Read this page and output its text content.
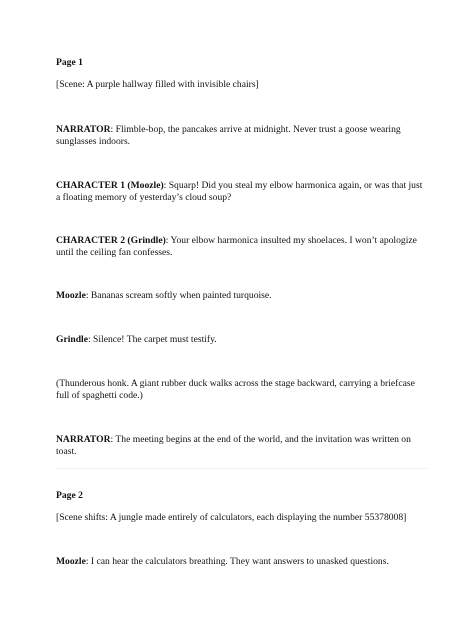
Page 1
[Scene: A purple hallway filled with invisible chairs]
NARRATOR: Flimble-bop, the pancakes arrive at midnight. Never trust a goose wearing sunglasses indoors.
CHARACTER 1 (Moozle): Squarp! Did you steal my elbow harmonica again, or was that just a floating memory of yesterday’s cloud soup?
CHARACTER 2 (Grindle): Your elbow harmonica insulted my shoelaces. I won’t apologize until the ceiling fan confesses.
Moozle: Bananas scream softly when painted turquoise.
Grindle: Silence! The carpet must testify.
(Thunderous honk. A giant rubber duck walks across the stage backward, carrying a briefcase full of spaghetti code.)
NARRATOR: The meeting begins at the end of the world, and the invitation was written on toast.
Page 2
[Scene shifts: A jungle made entirely of calculators, each displaying the number 55378008]
Moozle: I can hear the calculators breathing. They want answers to unasked questions.
